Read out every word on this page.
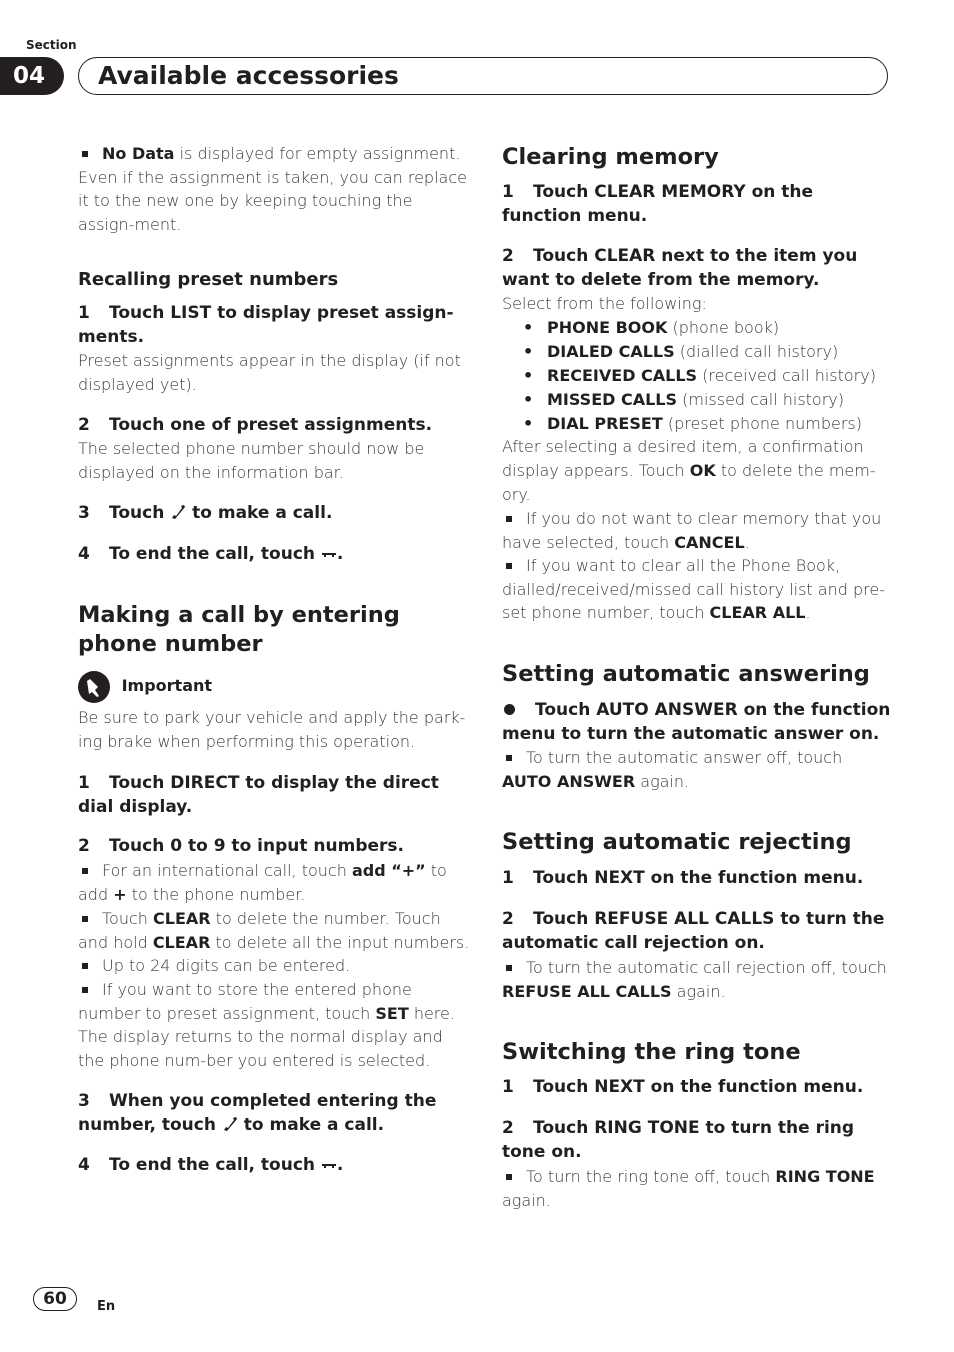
Section
04	Available accessories

No Data is displayed for empty assignment. Even if the assignment is taken, you can replace it to the new one by keeping touching the assign-ment.

Recalling preset numbers

1 Touch LIST to display preset assign-ments.

Preset assignments appear in the display (if not displayed yet).

2 Touch one of preset assignments.

The selected phone number should now be displayed on the information bar.

3 Touch  to make a call.

4 To end the call, touch .

Making a call by entering phone number

Important

Be sure to park your vehicle and apply the park-ing brake when performing this operation.

1 Touch DIRECT to display the direct dial display.

2 Touch 0 to 9 to input numbers.

For an international call, touch add “+” to add + to the phone number.

Touch CLEAR to delete the number. Touch and hold CLEAR to delete all the input numbers.

Up to 24 digits can be entered.

If you want to store the entered phone number to preset assignment, touch SET here. The display returns to the normal display and the phone num-ber you entered is selected.

3 When you completed entering the number, touch  to make a call.

4 To end the call, touch .

Clearing memory

1 Touch CLEAR MEMORY on the function menu.

2 Touch CLEAR next to the item you want to delete from the memory.

Select from the following:

• PHONE BOOK (phone book)
• DIALED CALLS (dialled call history)
• RECEIVED CALLS (received call history)
• MISSED CALLS (missed call history)
• DIAL PRESET (preset phone numbers)

After selecting a desired item, a confirmation display appears. Touch OK to delete the mem-ory.

If you do not want to clear memory that you have selected, touch CANCEL.

If you want to clear all the Phone Book, dialled/received/missed call history list and pre-set phone number, touch CLEAR ALL.

Setting automatic answering

Touch AUTO ANSWER on the function menu to turn the automatic answer on.

To turn the automatic answer off, touch AUTO ANSWER again.

Setting automatic rejecting

1 Touch NEXT on the function menu.

2 Touch REFUSE ALL CALLS to turn the automatic call rejection on.

To turn the automatic call rejection off, touch REFUSE ALL CALLS again.

Switching the ring tone

1 Touch NEXT on the function menu.

2 Touch RING TONE to turn the ring tone on.

To turn the ring tone off, touch RING TONE again.

60	En
